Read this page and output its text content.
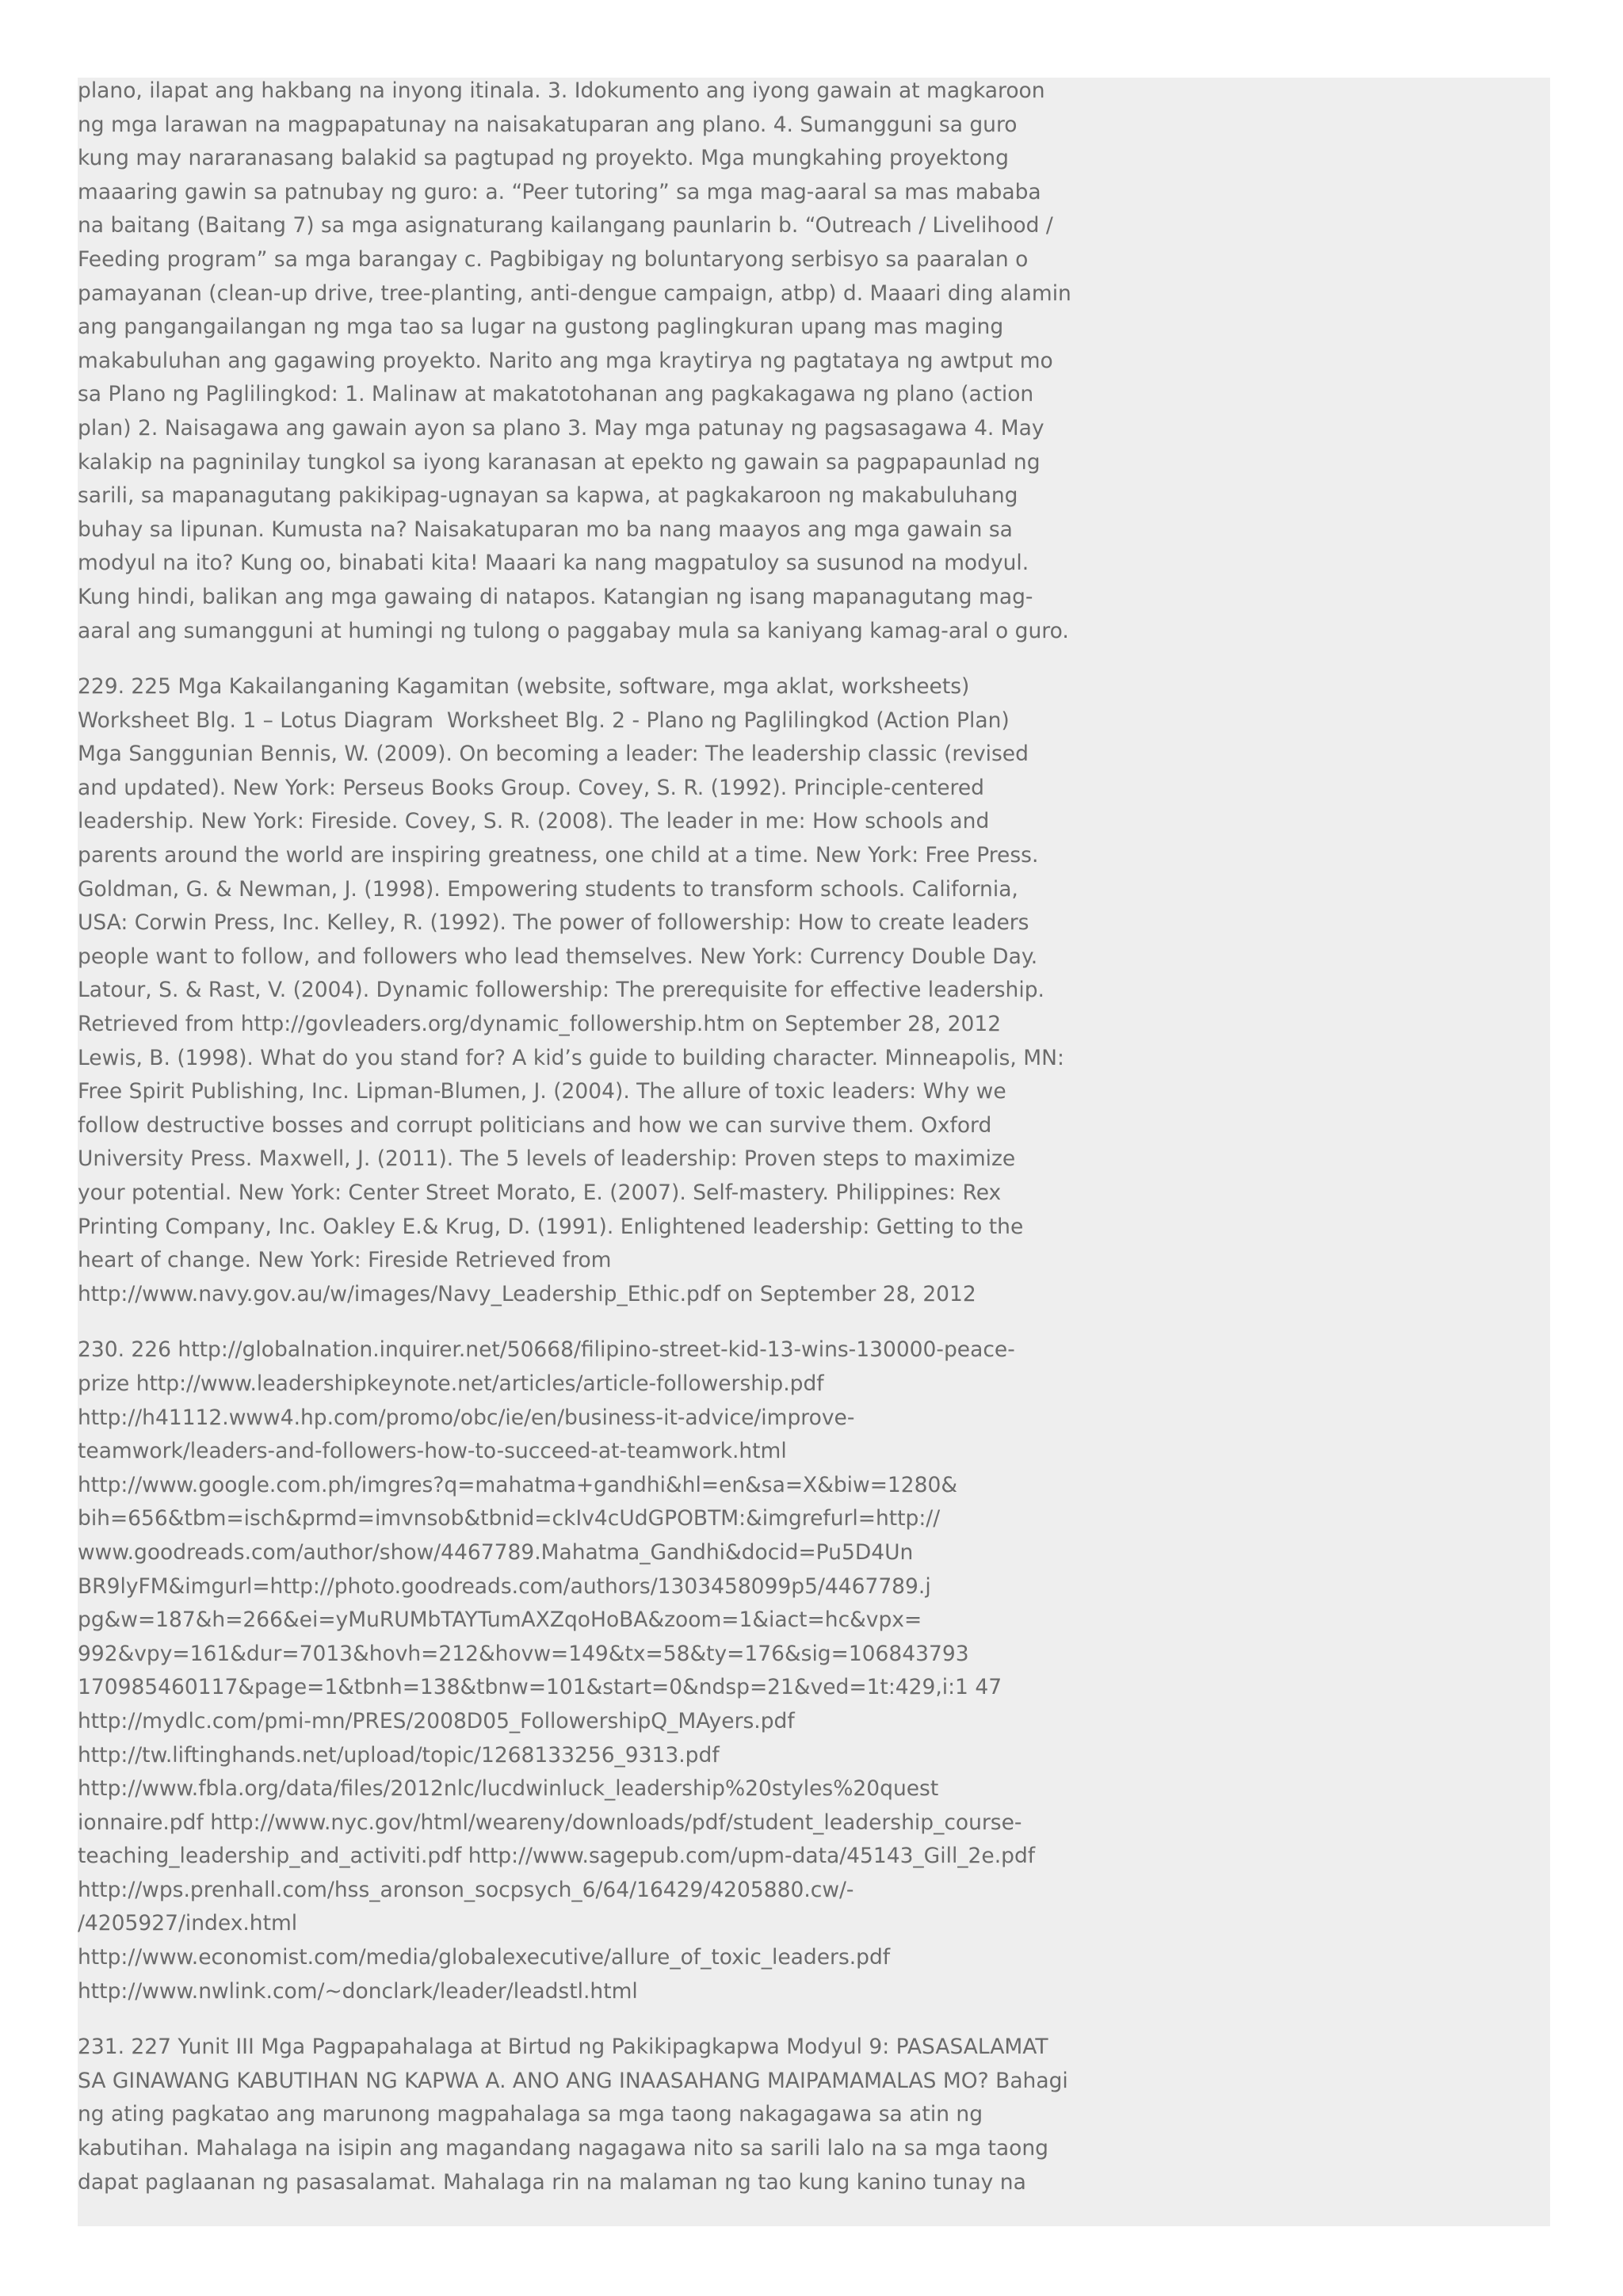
plano, ilapat ang hakbang na inyong itinala. 3. Idokumento ang iyong gawain at magkaroon
ng mga larawan na magpapatunay na naisakatuparan ang plano. 4. Sumangguni sa guro
kung may nararanasang balakid sa pagtupad ng proyekto. Mga mungkahing proyektong
maaaring gawin sa patnubay ng guro: a. “Peer tutoring” sa mga mag-aaral sa mas mababa
na baitang (Baitang 7) sa mga asignaturang kailangang paunlarin b. “Outreach / Livelihood /
Feeding program” sa mga barangay c. Pagbibigay ng boluntaryong serbisyo sa paaralan o
pamayanan (clean-up drive, tree-planting, anti-dengue campaign, atbp) d. Maaari ding alamin
ang pangangailangan ng mga tao sa lugar na gustong paglingkuran upang mas maging
makabuluhan ang gagawing proyekto. Narito ang mga kraytirya ng pagtataya ng awtput mo
sa Plano ng Paglilingkod: 1. Malinaw at makatotohanan ang pagkakagawa ng plano (action
plan) 2. Naisagawa ang gawain ayon sa plano 3. May mga patunay ng pagsasagawa 4. May
kalakip na pagninilay tungkol sa iyong karanasan at epekto ng gawain sa pagpapaunlad ng
sarili, sa mapanagutang pakikipag-ugnayan sa kapwa, at pagkakaroon ng makabuluhang
buhay sa lipunan. Kumusta na? Naisakatuparan mo ba nang maayos ang mga gawain sa
modyul na ito? Kung oo, binabati kita! Maaari ka nang magpatuloy sa susunod na modyul.
Kung hindi, balikan ang mga gawaing di natapos. Katangian ng isang mapanagutang mag-
aaral ang sumangguni at humingi ng tulong o paggabay mula sa kaniyang kamag-aral o guro.
229. 225 Mga Kakailanganing Kagamitan (website, software, mga aklat, worksheets)
Worksheet Blg. 1 – Lotus Diagram  Worksheet Blg. 2 - Plano ng Paglilingkod (Action Plan)
Mga Sanggunian Bennis, W. (2009). On becoming a leader: The leadership classic (revised
and updated). New York: Perseus Books Group. Covey, S. R. (1992). Principle-centered
leadership. New York: Fireside. Covey, S. R. (2008). The leader in me: How schools and
parents around the world are inspiring greatness, one child at a time. New York: Free Press.
Goldman, G. & Newman, J. (1998). Empowering students to transform schools. California,
USA: Corwin Press, Inc. Kelley, R. (1992). The power of followership: How to create leaders
people want to follow, and followers who lead themselves. New York: Currency Double Day.
Latour, S. & Rast, V. (2004). Dynamic followership: The prerequisite for effective leadership.
Retrieved from http://govleaders.org/dynamic_followership.htm on September 28, 2012
Lewis, B. (1998). What do you stand for? A kid’s guide to building character. Minneapolis, MN:
Free Spirit Publishing, Inc. Lipman-Blumen, J. (2004). The allure of toxic leaders: Why we
follow destructive bosses and corrupt politicians and how we can survive them. Oxford
University Press. Maxwell, J. (2011). The 5 levels of leadership: Proven steps to maximize
your potential. New York: Center Street Morato, E. (2007). Self-mastery. Philippines: Rex
Printing Company, Inc. Oakley E.& Krug, D. (1991). Enlightened leadership: Getting to the
heart of change. New York: Fireside Retrieved from
http://www.navy.gov.au/w/images/Navy_Leadership_Ethic.pdf on September 28, 2012
230. 226 http://globalnation.inquirer.net/50668/filipino-street-kid-13-wins-130000-peace-
prize http://www.leadershipkeynote.net/articles/article-followership.pdf
http://h41112.www4.hp.com/promo/obc/ie/en/business-it-advice/improve-
teamwork/leaders-and-followers-how-to-succeed-at-teamwork.html
http://www.google.com.ph/imgres?q=mahatma+gandhi&hl=en&sa=X&biw=1280&
bih=656&tbm=isch&prmd=imvnsob&tbnid=ckIv4cUdGPOBTM:&imgrefurl=http://
www.goodreads.com/author/show/4467789.Mahatma_Gandhi&docid=Pu5D4Un
BR9lyFM&imgurl=http://photo.goodreads.com/authors/1303458099p5/4467789.j
pg&w=187&h=266&ei=yMuRUMbTAYTumAXZqoHoBA&zoom=1&iact=hc&vpx=
992&vpy=161&dur=7013&hovh=212&hovw=149&tx=58&ty=176&sig=106843793
170985460117&page=1&tbnh=138&tbnw=101&start=0&ndsp=21&ved=1t:429,i:1 47
http://mydlc.com/pmi-mn/PRES/2008D05_FollowershipQ_MAyers.pdf
http://tw.liftinghands.net/upload/topic/1268133256_9313.pdf
http://www.fbla.org/data/files/2012nlc/lucdwinluck_leadership%20styles%20quest
ionnaire.pdf http://www.nyc.gov/html/weareny/downloads/pdf/student_leadership_course-
teaching_leadership_and_activiti.pdf http://www.sagepub.com/upm-data/45143_Gill_2e.pdf
http://wps.prenhall.com/hss_aronson_socpsych_6/64/16429/4205880.cw/-
/4205927/index.html
http://www.economist.com/media/globalexecutive/allure_of_toxic_leaders.pdf
http://www.nwlink.com/~donclark/leader/leadstl.html
231. 227 Yunit III Mga Pagpapahalaga at Birtud ng Pakikipagkapwa Modyul 9: PASASALAMAT
SA GINAWANG KABUTIHAN NG KAPWA A. ANO ANG INAASAHANG MAIPAMAMALAS MO? Bahagi
ng ating pagkatao ang marunong magpahalaga sa mga taong nakagagawa sa atin ng
kabutihan. Mahalaga na isipin ang magandang nagagawa nito sa sarili lalo na sa mga taong
dapat paglaanan ng pasasalamat. Mahalaga rin na malaman ng tao kung kanino tunay na
